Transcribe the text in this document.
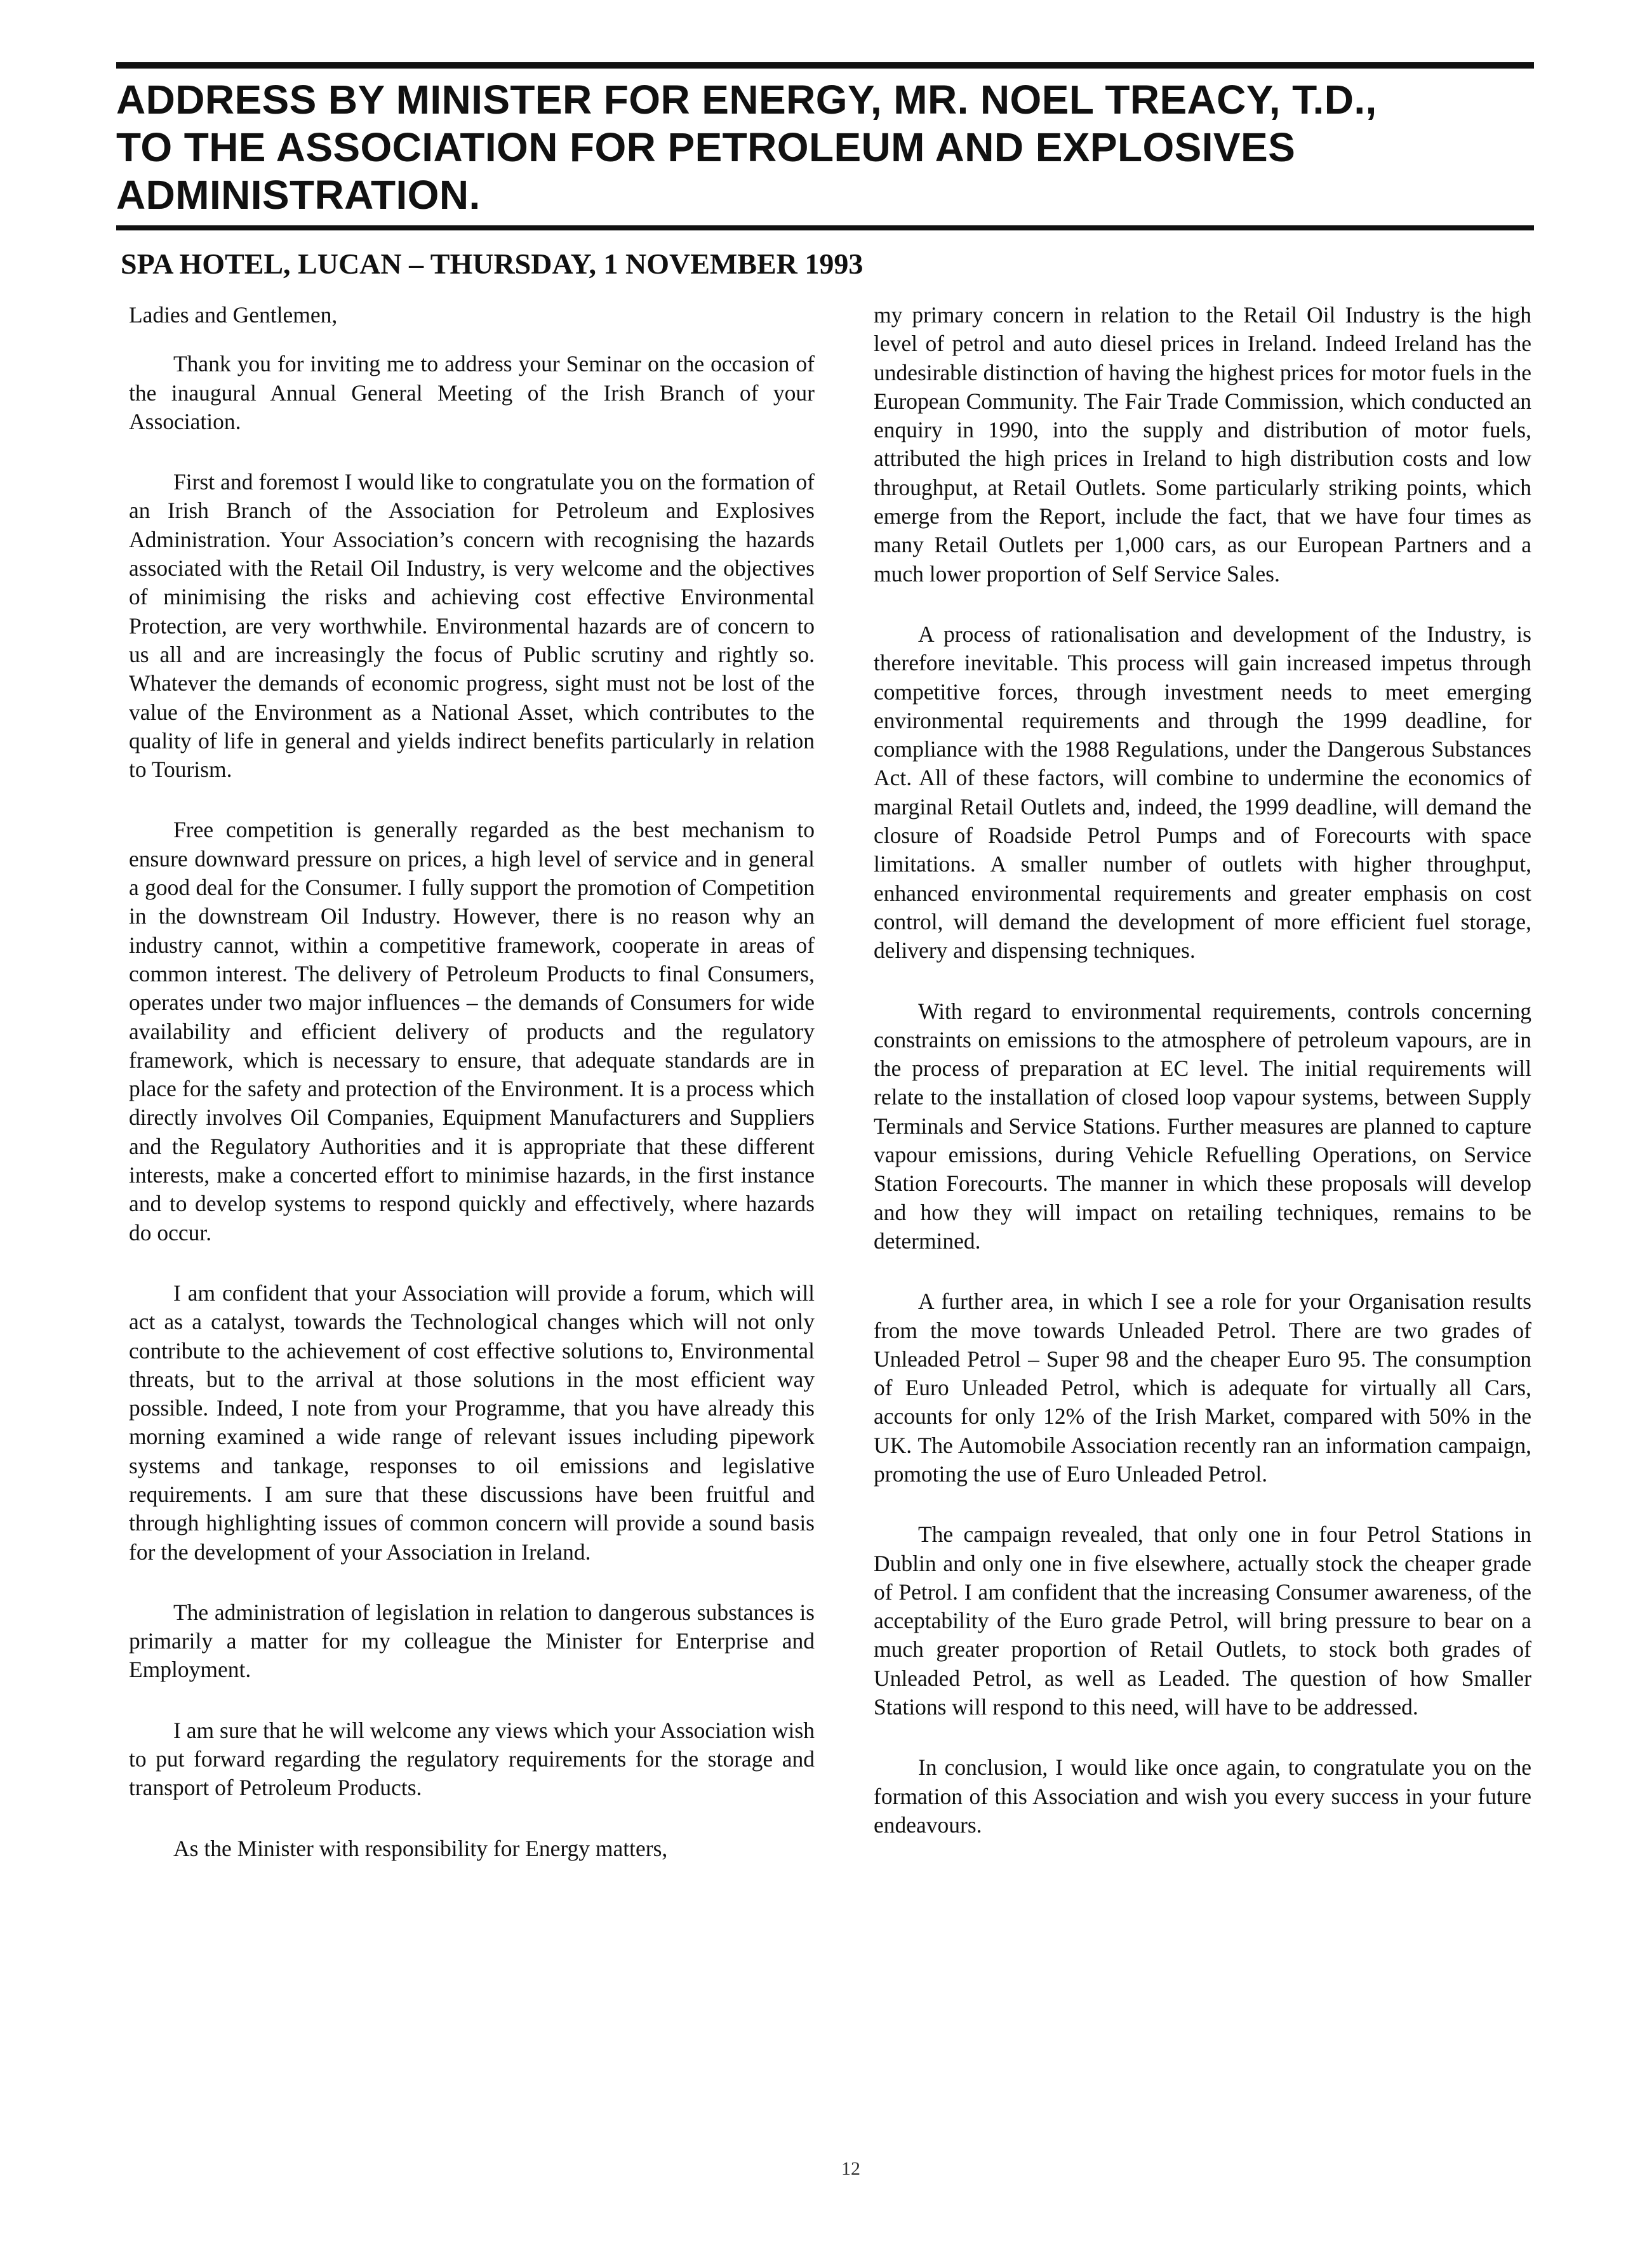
ADDRESS BY MINISTER FOR ENERGY, MR. NOEL TREACY, T.D.,
TO THE ASSOCIATION FOR PETROLEUM AND EXPLOSIVES
ADMINISTRATION.
SPA HOTEL, LUCAN – THURSDAY, 1 NOVEMBER 1993

Ladies and Gentlemen,

Thank you for inviting me to address your Seminar on the occasion of the inaugural Annual General Meeting of the Irish Branch of your Association.

First and foremost I would like to congratulate you on the formation of an Irish Branch of the Association for Petroleum and Explosives Administration. Your Association’s concern with recognising the hazards associated with the Retail Oil Industry, is very welcome and the objectives of minimising the risks and achieving cost effective Environmental Protection, are very worthwhile. Environmental hazards are of concern to us all and are increasingly the focus of Public scrutiny and rightly so. Whatever the demands of economic progress, sight must not be lost of the value of the Environment as a National Asset, which contributes to the quality of life in general and yields indirect benefits particularly in relation to Tourism.

Free competition is generally regarded as the best mechanism to ensure downward pressure on prices, a high level of service and in general a good deal for the Consumer. I fully support the promotion of Competition in the downstream Oil Industry. However, there is no reason why an industry cannot, within a competitive framework, cooperate in areas of common interest. The delivery of Petroleum Products to final Consumers, operates under two major influences – the demands of Consumers for wide availability and efficient delivery of products and the regulatory framework, which is necessary to ensure, that adequate standards are in place for the safety and protection of the Environment. It is a process which directly involves Oil Companies, Equipment Manufacturers and Suppliers and the Regulatory Authorities and it is appropriate that these different interests, make a concerted effort to minimise hazards, in the first instance and to develop systems to respond quickly and effectively, where hazards do occur.

I am confident that your Association will provide a forum, which will act as a catalyst, towards the Technological changes which will not only contribute to the achievement of cost effective solutions to, Environmental threats, but to the arrival at those solutions in the most efficient way possible. Indeed, I note from your Programme, that you have already this morning examined a wide range of relevant issues including pipework systems and tankage, responses to oil emissions and legislative requirements. I am sure that these discussions have been fruitful and through highlighting issues of common concern will provide a sound basis for the development of your Association in Ireland.

The administration of legislation in relation to dangerous substances is primarily a matter for my colleague the Minister for Enterprise and Employment.

I am sure that he will welcome any views which your Association wish to put forward regarding the regulatory requirements for the storage and transport of Petroleum Products.

As the Minister with responsibility for Energy matters,

my primary concern in relation to the Retail Oil Industry is the high level of petrol and auto diesel prices in Ireland. Indeed Ireland has the undesirable distinction of having the highest prices for motor fuels in the European Community. The Fair Trade Commission, which conducted an enquiry in 1990, into the supply and distribution of motor fuels, attributed the high prices in Ireland to high distribution costs and low throughput, at Retail Outlets. Some particularly striking points, which emerge from the Report, include the fact, that we have four times as many Retail Outlets per 1,000 cars, as our European Partners and a much lower proportion of Self Service Sales.

A process of rationalisation and development of the Industry, is therefore inevitable. This process will gain increased impetus through competitive forces, through investment needs to meet emerging environmental requirements and through the 1999 deadline, for compliance with the 1988 Regulations, under the Dangerous Substances Act. All of these factors, will combine to undermine the economics of marginal Retail Outlets and, indeed, the 1999 deadline, will demand the closure of Roadside Petrol Pumps and of Forecourts with space limitations. A smaller number of outlets with higher throughput, enhanced environmental requirements and greater emphasis on cost control, will demand the development of more efficient fuel storage, delivery and dispensing techniques.

With regard to environmental requirements, controls concerning constraints on emissions to the atmosphere of petroleum vapours, are in the process of preparation at EC level. The initial requirements will relate to the installation of closed loop vapour systems, between Supply Terminals and Service Stations. Further measures are planned to capture vapour emissions, during Vehicle Refuelling Operations, on Service Station Forecourts. The manner in which these proposals will develop and how they will impact on retailing techniques, remains to be determined.

A further area, in which I see a role for your Organisation results from the move towards Unleaded Petrol. There are two grades of Unleaded Petrol – Super 98 and the cheaper Euro 95. The consumption of Euro Unleaded Petrol, which is adequate for virtually all Cars, accounts for only 12% of the Irish Market, compared with 50% in the UK. The Automobile Association recently ran an information campaign, promoting the use of Euro Unleaded Petrol.

The campaign revealed, that only one in four Petrol Stations in Dublin and only one in five elsewhere, actually stock the cheaper grade of Petrol. I am confident that the increasing Consumer awareness, of the acceptability of the Euro grade Petrol, will bring pressure to bear on a much greater proportion of Retail Outlets, to stock both grades of Unleaded Petrol, as well as Leaded. The question of how Smaller Stations will respond to this need, will have to be addressed.

In conclusion, I would like once again, to congratulate you on the formation of this Association and wish you every success in your future endeavours.

12
